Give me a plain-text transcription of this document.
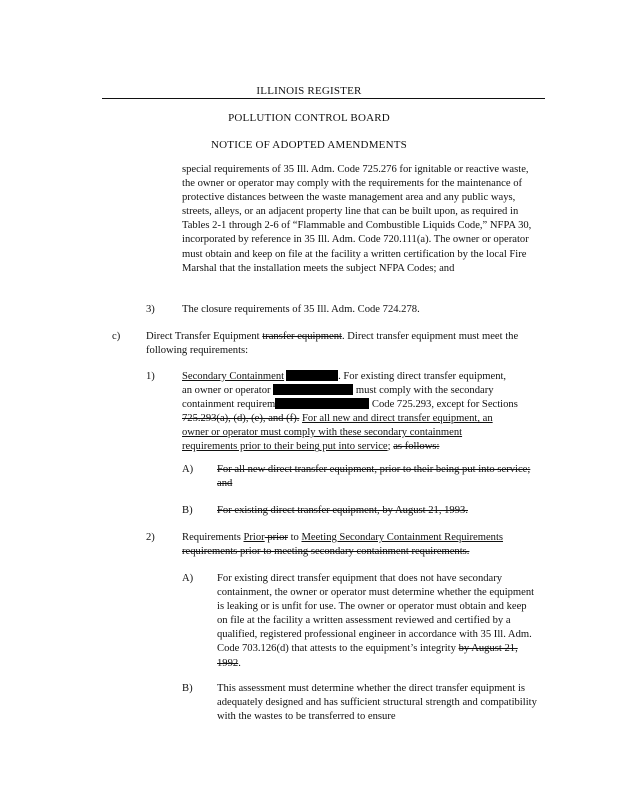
ILLINOIS REGISTER
POLLUTION CONTROL BOARD
NOTICE OF ADOPTED AMENDMENTS

special requirements of 35 Ill. Adm. Code 725.276 for ignitable or reactive waste, the owner or operator may comply with the requirements for the maintenance of protective distances between the waste management area and any public ways, streets, alleys, or an adjacent property line that can be built upon, as required in Tables 2-1 through 2-6 of “Flammable and Combustible Liquids Code,” NFPA 30, incorporated by reference in 35 Ill. Adm. Code 720.111(a). The owner or operator must obtain and keep on file at the facility a written certification by the local Fire Marshal that the installation meets the subject NFPA Codes; and

3)	The closure requirements of 35 Ill. Adm. Code 724.278.
c) Direct Transfer Equipment transfer equipment. Direct transfer equipment must meet the following requirements:
1)	Secondary Containment	. For existing direct transfer equipment,
an owner or operator	must comply with the secondary
containment requirem	Code 725.293, except for Sections
725.293(a), (d), (e), and (f). For all new and direct transfer equipment, an
owner or operator must comply with these secondary containment
requirements prior to their being put into service; as follows:
A) For all new direct transfer equipment, prior to their being put into service; and
B) For existing direct transfer equipment, by August 21, 1993.
2)	Requirements Prior prior to Meeting Secondary Containment Requirements
requirements prior to meeting secondary containment requirements.
A) For existing direct transfer equipment that does not have secondary containment, the owner or operator must determine whether the equipment is leaking or is unfit for use. The owner or operator must obtain and keep on file at the facility a written assessment reviewed and certified by a qualified, registered professional engineer in accordance with 35 Ill. Adm. Code 703.126(d) that attests to the equipment’s integrity by August 21, 1992.
B) This assessment must determine whether the direct transfer equipment is adequately designed and has sufficient structural strength and compatibility with the wastes to be transferred to ensure
